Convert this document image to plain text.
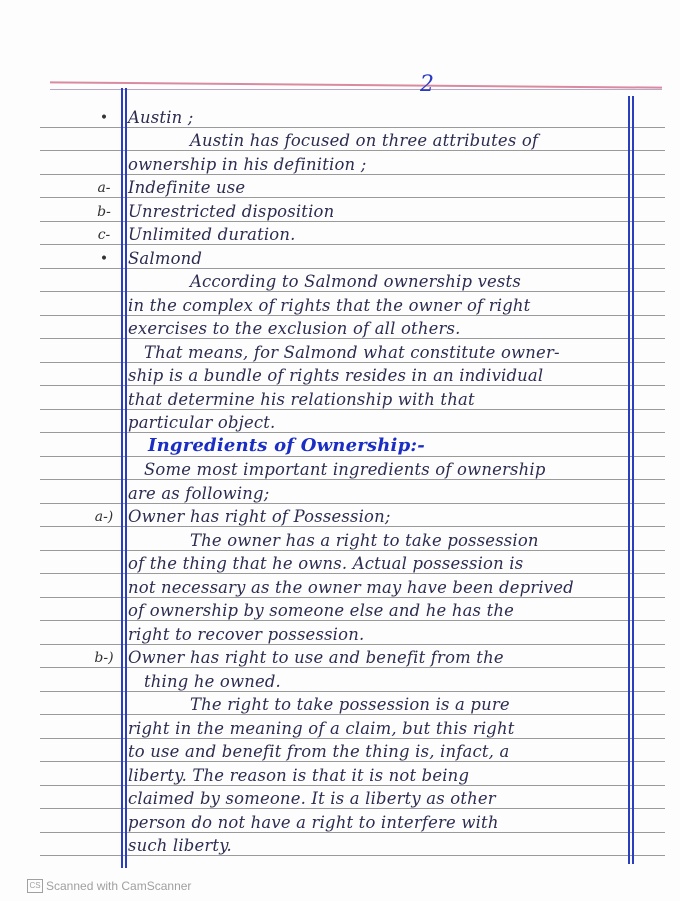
2
•	Austin ;
Austin has focused on three attributes of
ownership in his definition ;
a-	Indefinite use
b-	Unrestricted disposition
c-	Unlimited duration.
•	Salmond
According to Salmond ownership vests
in the complex of rights that the owner of right
exercises to the exclusion of all others.
That means, for Salmond what constitute owner-
ship is a bundle of rights resides in an individual
that determine his relationship with that
particular object.
Ingredients of Ownership:-
Some most important ingredients of ownership
are as following;
a-) Owner has right of Possession;
The owner has a right to take possession
of the thing that he owns. Actual possession is
not necessary as the owner may have been deprived
of ownership by someone else and he has the
right to recover possession.
b-) Owner has right to use and benefit from the
thing he owned.
The right to take possession is a pure
right in the meaning of a claim, but this right
to use and benefit from the thing is, infact, a
liberty. The reason is that it is not being
claimed by someone. It is a liberty as other
person do not have a right to interfere with
such liberty.
CS Scanned with CamScanner
